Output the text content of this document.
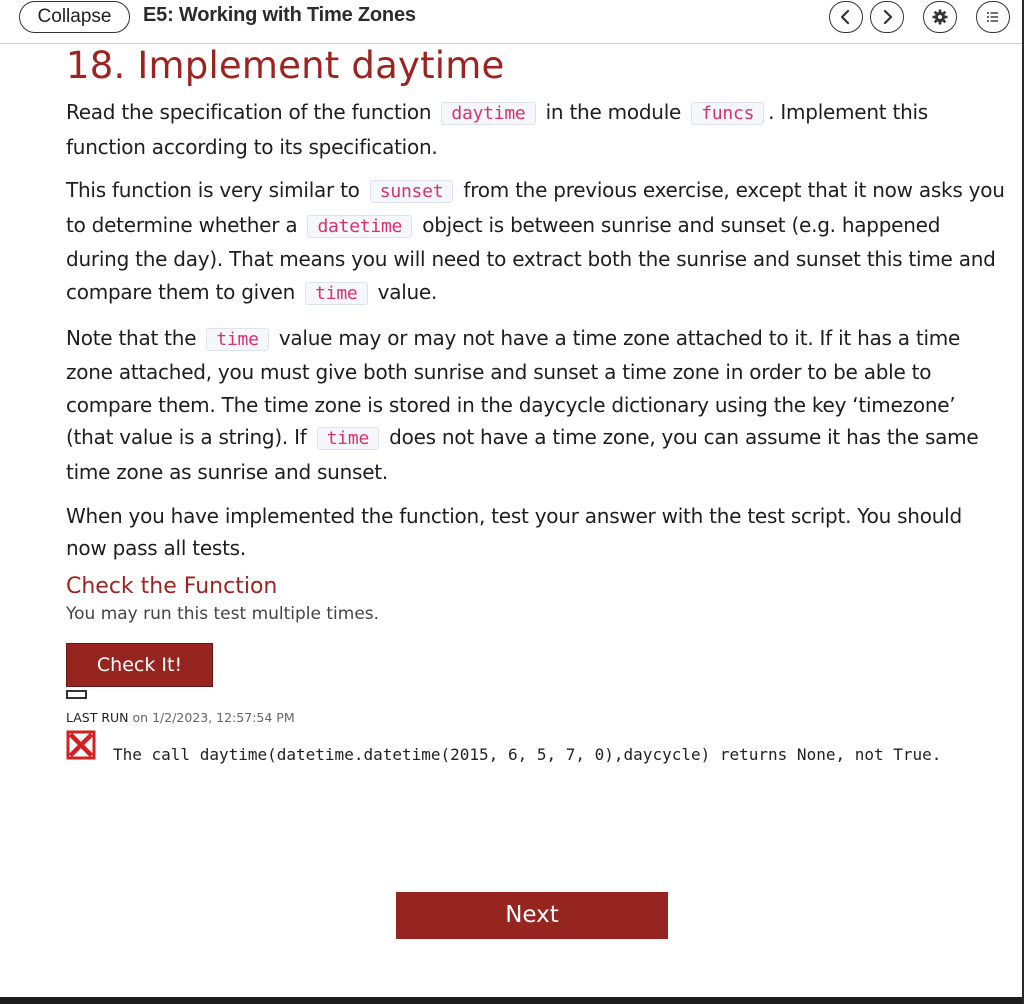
Collapse	E5: Working with Time Zones
18. Implement daytime

Read the specification of the function daytime in the module funcs . Implement this function according to its specification.

This function is very similar to sunset from the previous exercise, except that it now asks you to determine whether a datetime object is between sunrise and sunset (e.g. happened during the day). That means you will need to extract both the sunrise and sunset this time and compare them to given time value.

Note that the time value may or may not have a time zone attached to it. If it has a time zone attached, you must give both sunrise and sunset a time zone in order to be able to compare them. The time zone is stored in the daycycle dictionary using the key ‘timezone’ (that value is a string). If time does not have a time zone, you can assume it has the same time zone as sunrise and sunset.

When you have implemented the function, test your answer with the test script. You should now pass all tests.

Check the Function
You may run this test multiple times.
Check It!
LAST RUN on 1/2/2023, 12:57:54 PM
The call daytime(datetime.datetime(2015, 6, 5, 7, 0),daycycle) returns None, not True.
Next
